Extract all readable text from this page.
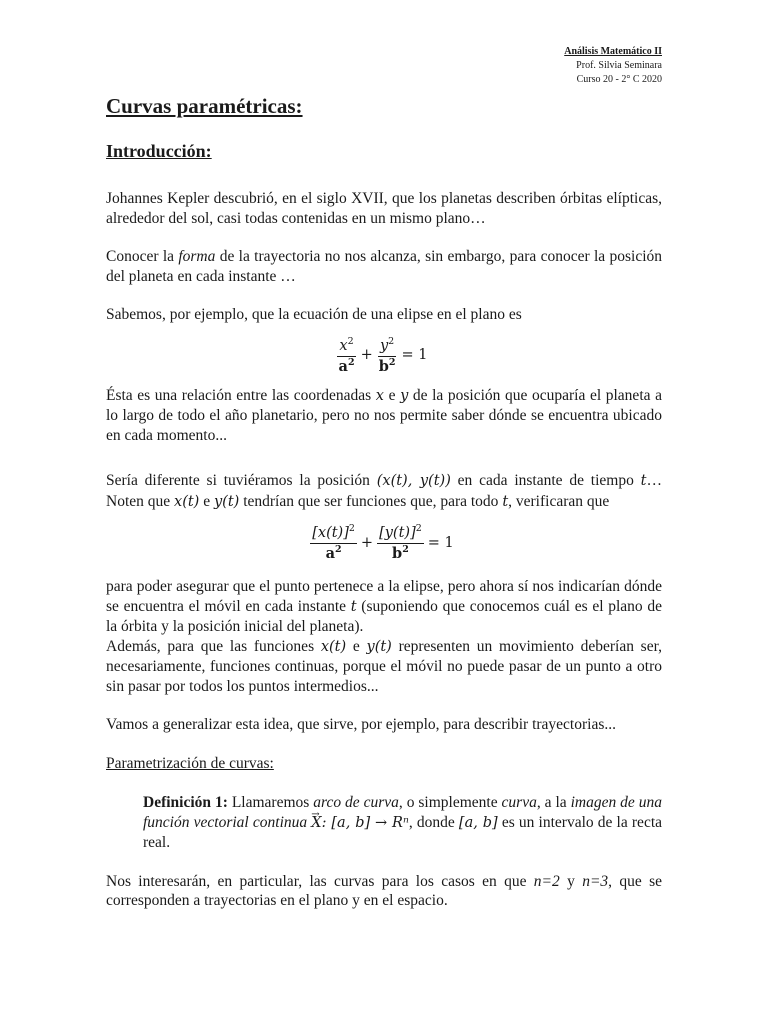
Análisis Matemático II
Prof. Silvia Seminara
Curso 20 - 2° C 2020
Curvas paramétricas:
Introducción:

Johannes Kepler descubrió, en el siglo XVII, que los planetas describen órbitas elípticas, alrededor del sol, casi todas contenidas en un mismo plano…

Conocer la forma de la trayectoria no nos alcanza, sin embargo, para conocer la posición del planeta en cada instante …

Sabemos, por ejemplo, que la ecuación de una elipse en el plano es

$\frac{x^2}{a^2} + \frac{y^2}{b^2} = 1$

Ésta es una relación entre las coordenadas x e y de la posición que ocuparía el planeta a lo largo de todo el año planetario, pero no nos permite saber dónde se encuentra ubicado en cada momento...

Sería diferente si tuviéramos la posición (x(t), y(t)) en cada instante de tiempo t… Noten que x(t) e y(t) tendrían que ser funciones que, para todo t, verificaran que

$\frac{[x(t)]^2}{a^2} + \frac{[y(t)]^2}{b^2} = 1$

para poder asegurar que el punto pertenece a la elipse, pero ahora sí nos indicarían dónde se encuentra el móvil en cada instante t (suponiendo que conocemos cuál es el plano de la órbita y la posición inicial del planeta).

Además, para que las funciones x(t) e y(t) representen un movimiento deberían ser, necesariamente, funciones continuas, porque el móvil no puede pasar de un punto a otro sin pasar por todos los puntos intermedios...

Vamos a generalizar esta idea, que sirve, por ejemplo, para describir trayectorias...

Parametrización de curvas:

Definición 1: Llamaremos arco de curva, o simplemente curva, a la imagen de una función vectorial continua → X: [a, b] → Rⁿ, donde [a, b] es un intervalo de la recta real.

Nos interesarán, en particular, las curvas para los casos en que n=2 y n=3, que se corresponden a trayectorias en el plano y en el espacio.
